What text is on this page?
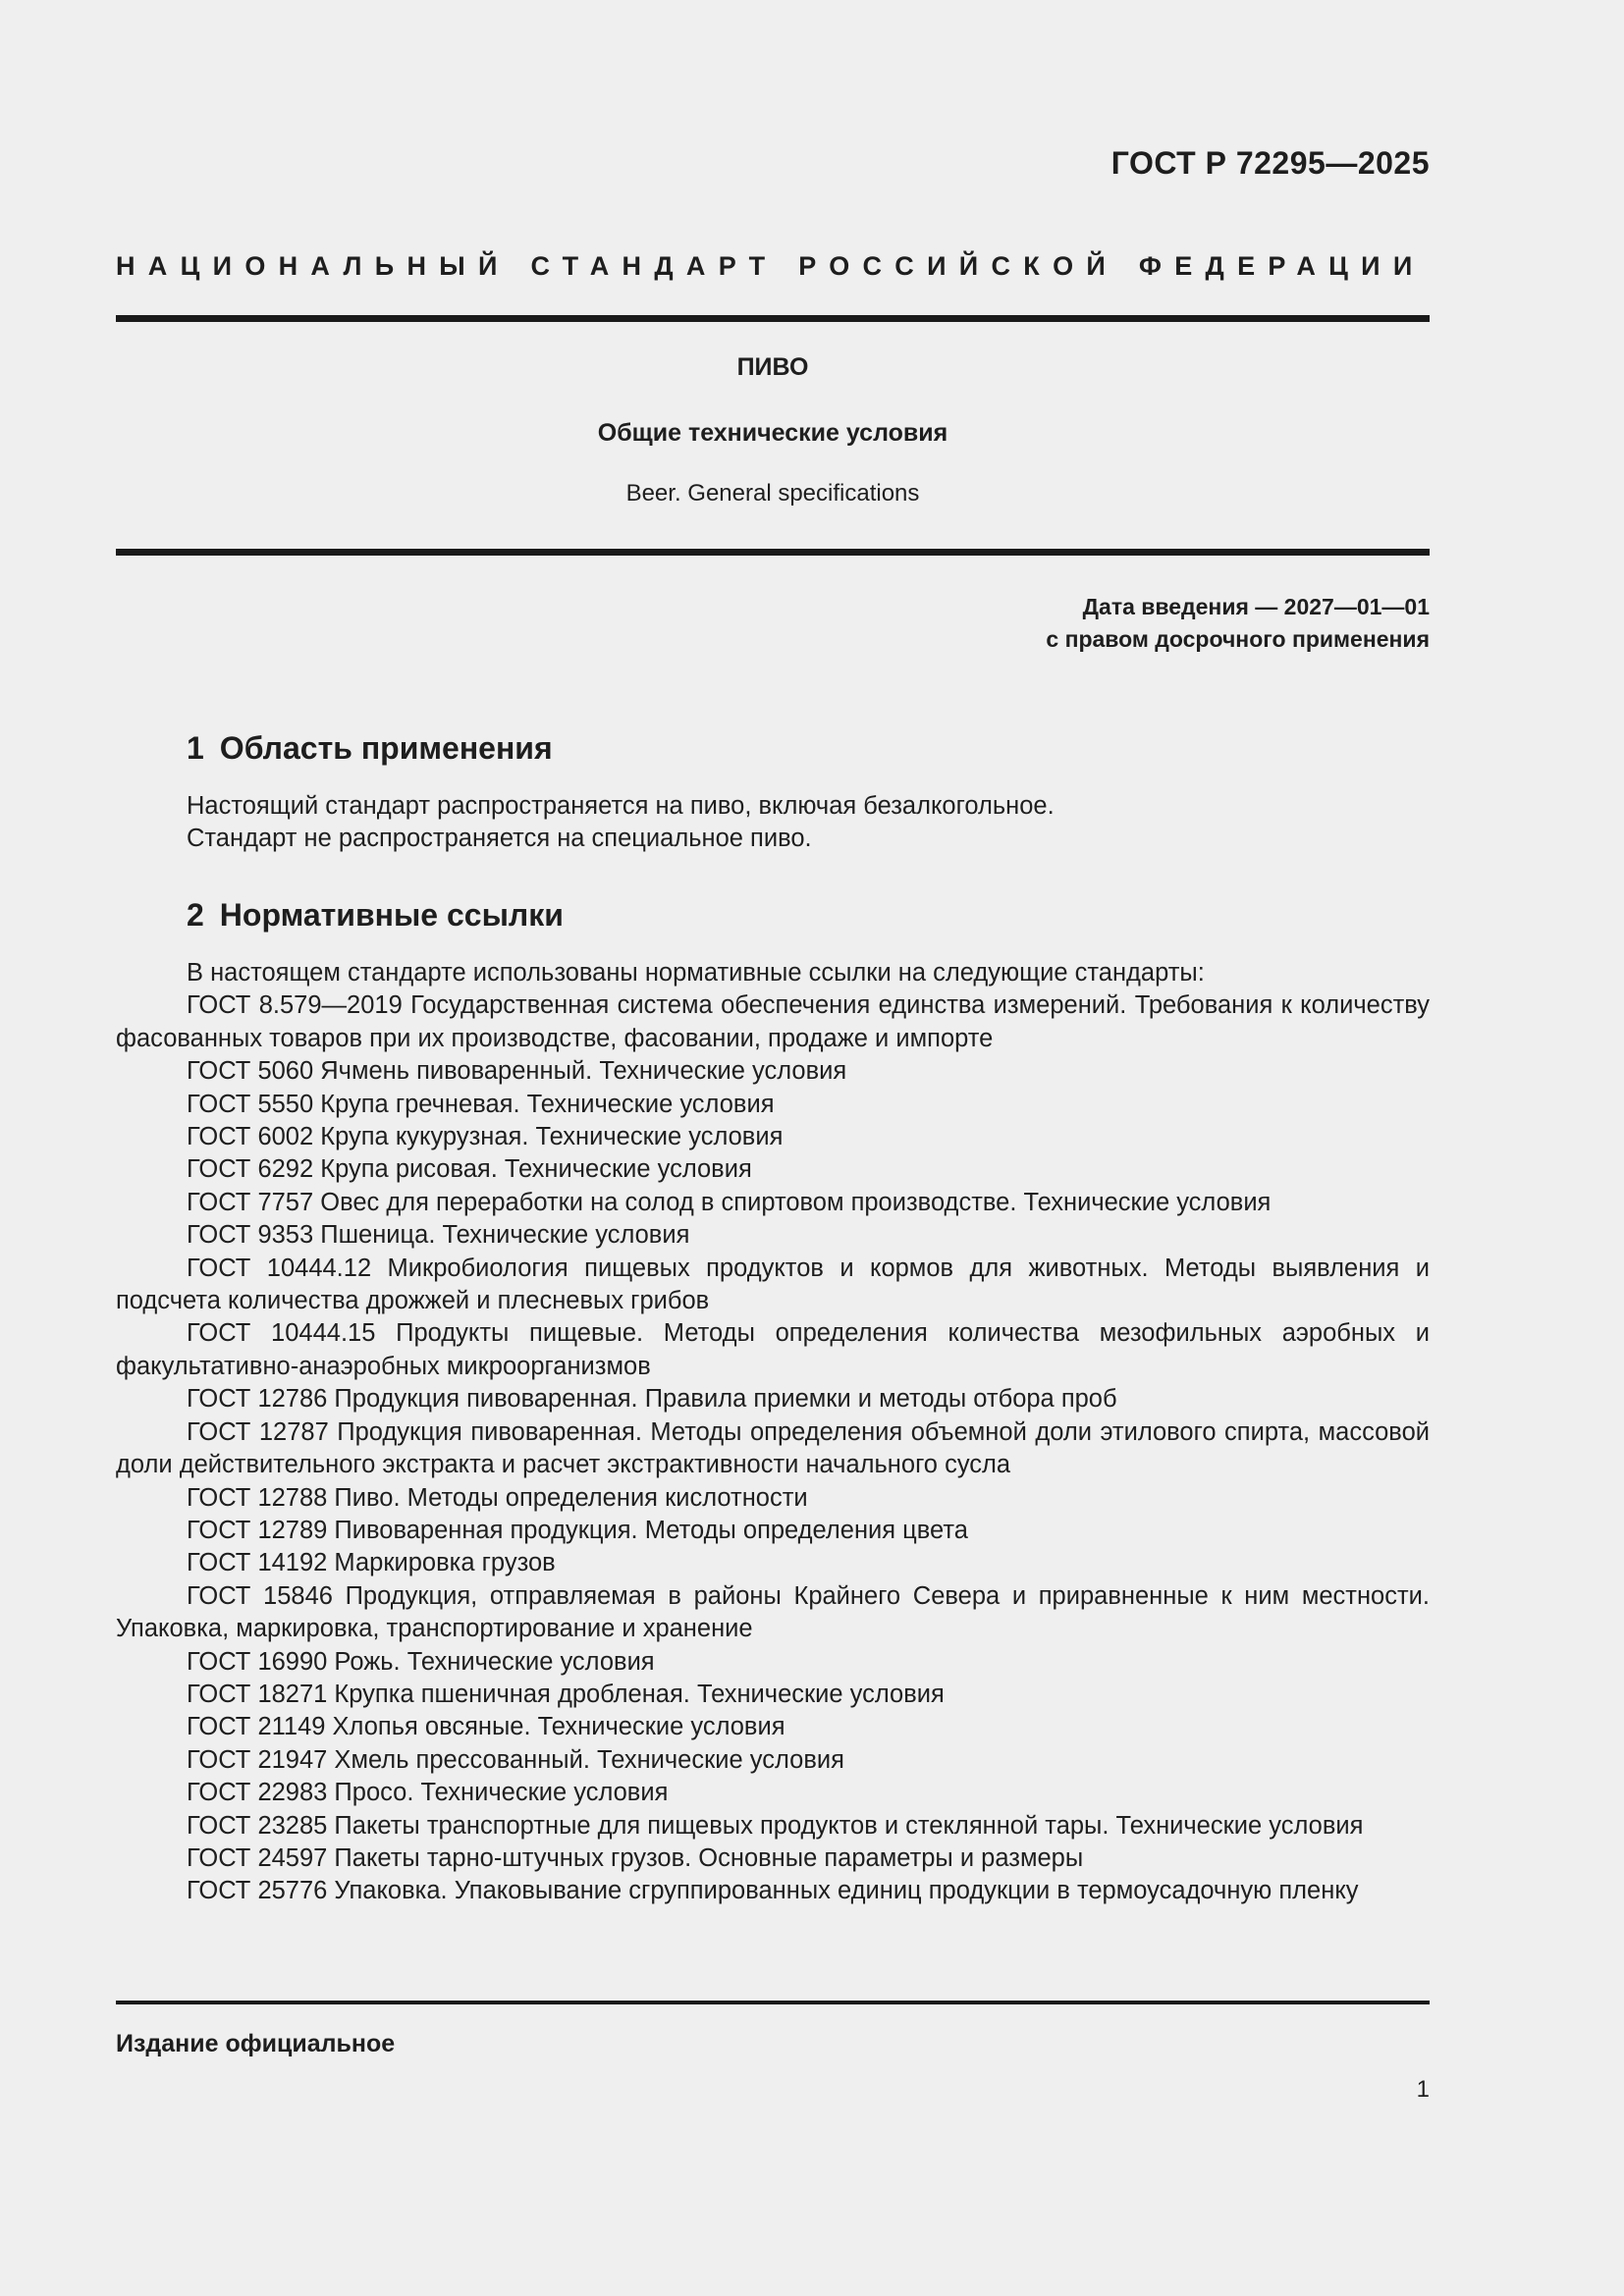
ГОСТ Р 72295—2025
НАЦИОНАЛЬНЫЙ СТАНДАРТ РОССИЙСКОЙ ФЕДЕРАЦИИ
ПИВО
Общие технические условия
Beer. General specifications
Дата введения — 2027—01—01
с правом досрочного применения
1 Область применения
Настоящий стандарт распространяется на пиво, включая безалкогольное.
Стандарт не распространяется на специальное пиво.
2 Нормативные ссылки
В настоящем стандарте использованы нормативные ссылки на следующие стандарты:
ГОСТ 8.579—2019 Государственная система обеспечения единства измерений. Требования к количеству фасованных товаров при их производстве, фасовании, продаже и импорте
ГОСТ 5060 Ячмень пивоваренный. Технические условия
ГОСТ 5550 Крупа гречневая. Технические условия
ГОСТ 6002 Крупа кукурузная. Технические условия
ГОСТ 6292 Крупа рисовая. Технические условия
ГОСТ 7757 Овес для переработки на солод в спиртовом производстве. Технические условия
ГОСТ 9353 Пшеница. Технические условия
ГОСТ 10444.12 Микробиология пищевых продуктов и кормов для животных. Методы выявления и подсчета количества дрожжей и плесневых грибов
ГОСТ 10444.15 Продукты пищевые. Методы определения количества мезофильных аэробных и факультативно-анаэробных микроорганизмов
ГОСТ 12786 Продукция пивоваренная. Правила приемки и методы отбора проб
ГОСТ 12787 Продукция пивоваренная. Методы определения объемной доли этилового спирта, массовой доли действительного экстракта и расчет экстрактивности начального сусла
ГОСТ 12788 Пиво. Методы определения кислотности
ГОСТ 12789 Пивоваренная продукция. Методы определения цвета
ГОСТ 14192 Маркировка грузов
ГОСТ 15846 Продукция, отправляемая в районы Крайнего Севера и приравненные к ним местности. Упаковка, маркировка, транспортирование и хранение
ГОСТ 16990 Рожь. Технические условия
ГОСТ 18271 Крупка пшеничная дробленая. Технические условия
ГОСТ 21149 Хлопья овсяные. Технические условия
ГОСТ 21947 Хмель прессованный. Технические условия
ГОСТ 22983 Просо. Технические условия
ГОСТ 23285 Пакеты транспортные для пищевых продуктов и стеклянной тары. Технические условия
ГОСТ 24597 Пакеты тарно-штучных грузов. Основные параметры и размеры
ГОСТ 25776 Упаковка. Упаковывание сгруппированных единиц продукции в термоусадочную пленку
Издание официальное
1
